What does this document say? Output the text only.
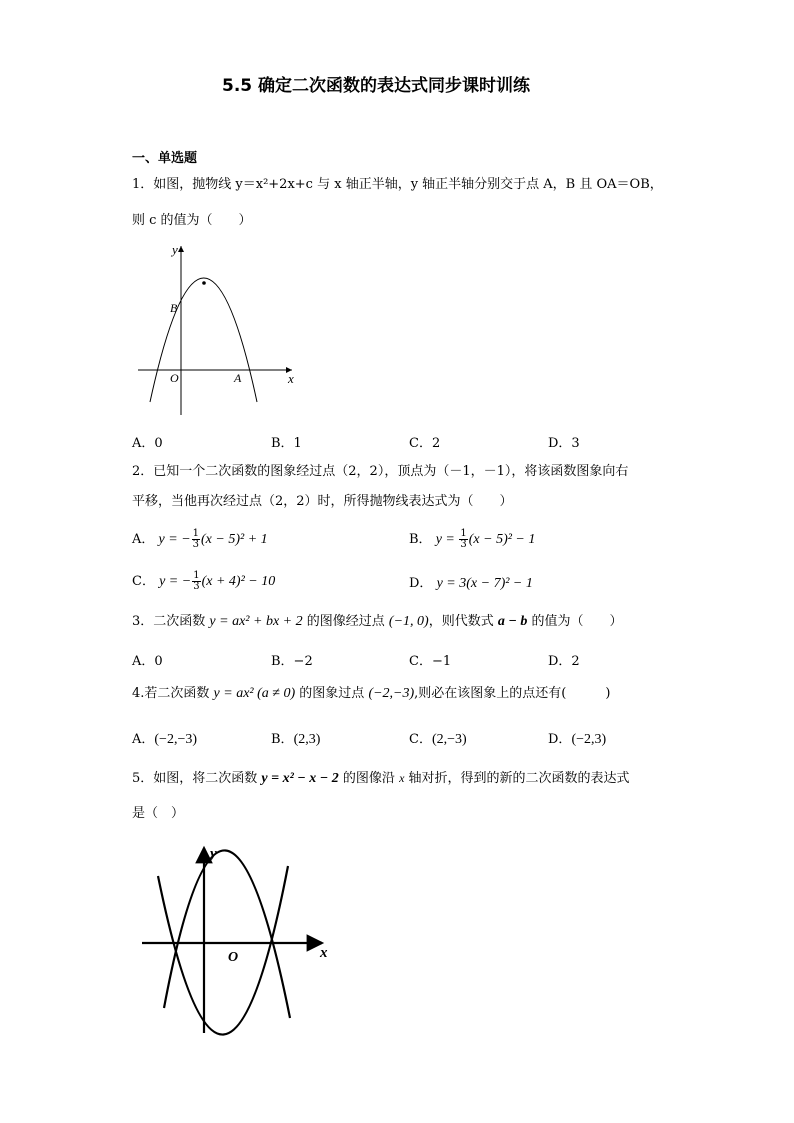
5.5 确定二次函数的表达式同步课时训练
一、单选题
1．如图，抛物线 y＝x²+2x+c 与 x 轴正半轴，y 轴正半轴分别交于点 A，B 且 OA＝OB，
则 c 的值为（　　）
y
x
O
B
A
A．0	B．1	C．2	D．3
2．已知一个二次函数的图象经过点（2，2），顶点为（－1，－1），将该函数图象向右
平移，当他再次经过点（2，2）时，所得抛物线表达式为（　　）
A． y = − $\frac{1}{3} (x - 5)^2 + 1$	B． $y = \frac{1}{3} (x - 5)^2 - 1$
C． y = − $\frac{1}{3} (x + 4)^2 - 10$	D． y = 3(x − 7)² − 1
3．二次函数 y = ax² + bx + 2 的图像经过点 (−1, 0)，则代数式 a − b 的值为（　　）
A．0	B．−2	C．−1	D．2
4.若二次函数 y = ax² (a ≠ 0) 的图象过点 (−2,−3),则必在该图象上的点还有(　　　)
A．(−2,−3)	B．(2,3)	C．(2,−3)	D．(−2,3)
5．如图，将二次函数 y = x² − x − 2 的图像沿 x 轴对折，得到的新的二次函数的表达式
是（　）
y
x
O
